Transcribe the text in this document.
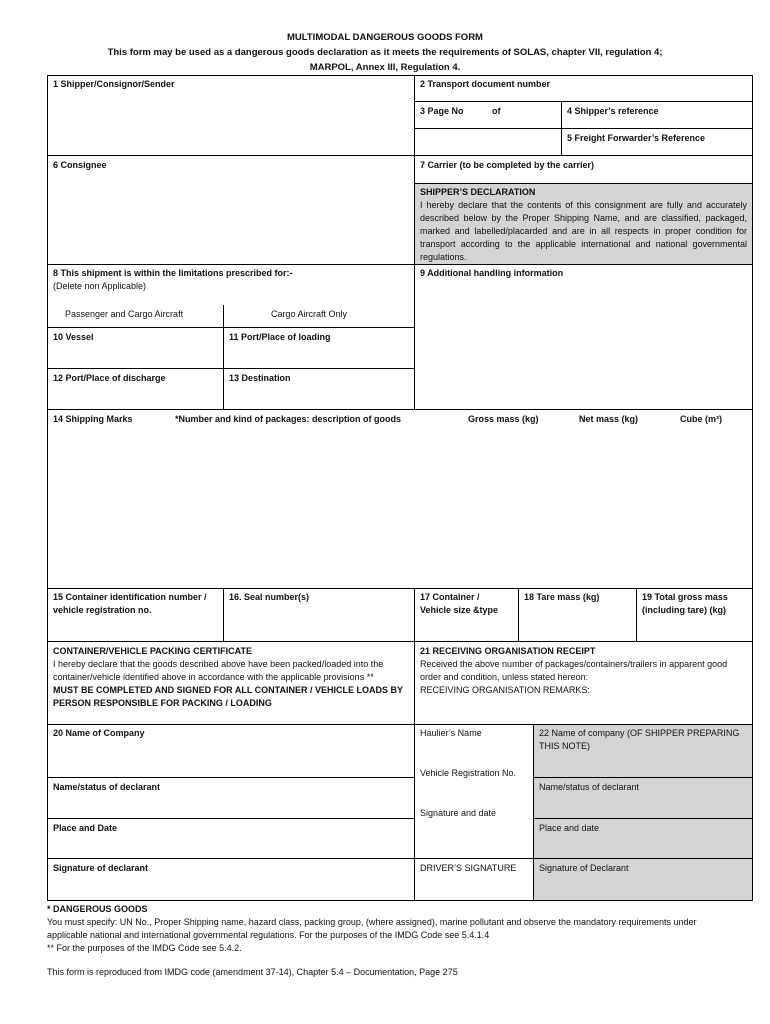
MULTIMODAL DANGEROUS GOODS FORM
This form may be used as a dangerous goods declaration as it meets the requirements of SOLAS, chapter VII, regulation 4;
MARPOL, Annex III, Regulation 4.
1 Shipper/Consignor/Sender	2 Transport document number
3 Page No	of	4 Shipper’s reference
5 Freight Forwarder’s Reference
6 Consignee	7 Carrier (to be completed by the carrier)
SHIPPER’S DECLARATION
I hereby declare that the contents of this consignment are fully and accurately described below by the Proper Shipping Name, and are classified, packaged, marked and labelled/placarded and are in all respects in proper condition for transport according to the applicable international and national governmental regulations.
8 This shipment is within the limitations prescribed for:-
(Delete non Applicable)
Passenger and Cargo Aircraft	Cargo Aircraft Only
9 Additional handling information
10 Vessel	11 Port/Place of loading
12 Port/Place of discharge	13 Destination
14 Shipping Marks	*Number and kind of packages: description of goods	Gross mass (kg)	Net mass (kg)	Cube (m³)
15 Container identification number / vehicle registration no.
16. Seal number(s)	17 Container / Vehicle size &type
18 Tare mass (kg)	19 Total gross mass (including tare) (kg)
CONTAINER/VEHICLE PACKING CERTIFICATE
I hereby declare that the goods described above have been packed/loaded into the container/vehicle identified above in accordance with the applicable provisions **
MUST BE COMPLETED AND SIGNED FOR ALL CONTAINER / VEHICLE LOADS BY PERSON RESPONSIBLE FOR PACKING / LOADING
21 RECEIVING ORGANISATION RECEIPT
Received the above number of packages/containers/trailers in apparent good order and condition, unless stated hereon:
RECEIVING ORGANISATION REMARKS:
20 Name of Company	Haulier’s Name	22 Name of company (OF SHIPPER PREPARING THIS NOTE)
Vehicle Registration No.
Name/status of declarant	Name/status of declarant
Signature and date
Place and Date	Place and date
Signature of declarant	DRIVER’S SIGNATURE	Signature of Declarant
* DANGEROUS GOODS
You must specify: UN No., Proper Shipping name, hazard class, packing group, (where assigned), marine pollutant and observe the mandatory requirements under applicable national and international governmental regulations. For the purposes of the IMDG Code see 5.4.1.4
** For the purposes of the IMDG Code see 5.4.2.
This form is reproduced from IMDG code (amendment 37-14), Chapter 5.4 – Documentation, Page 275
